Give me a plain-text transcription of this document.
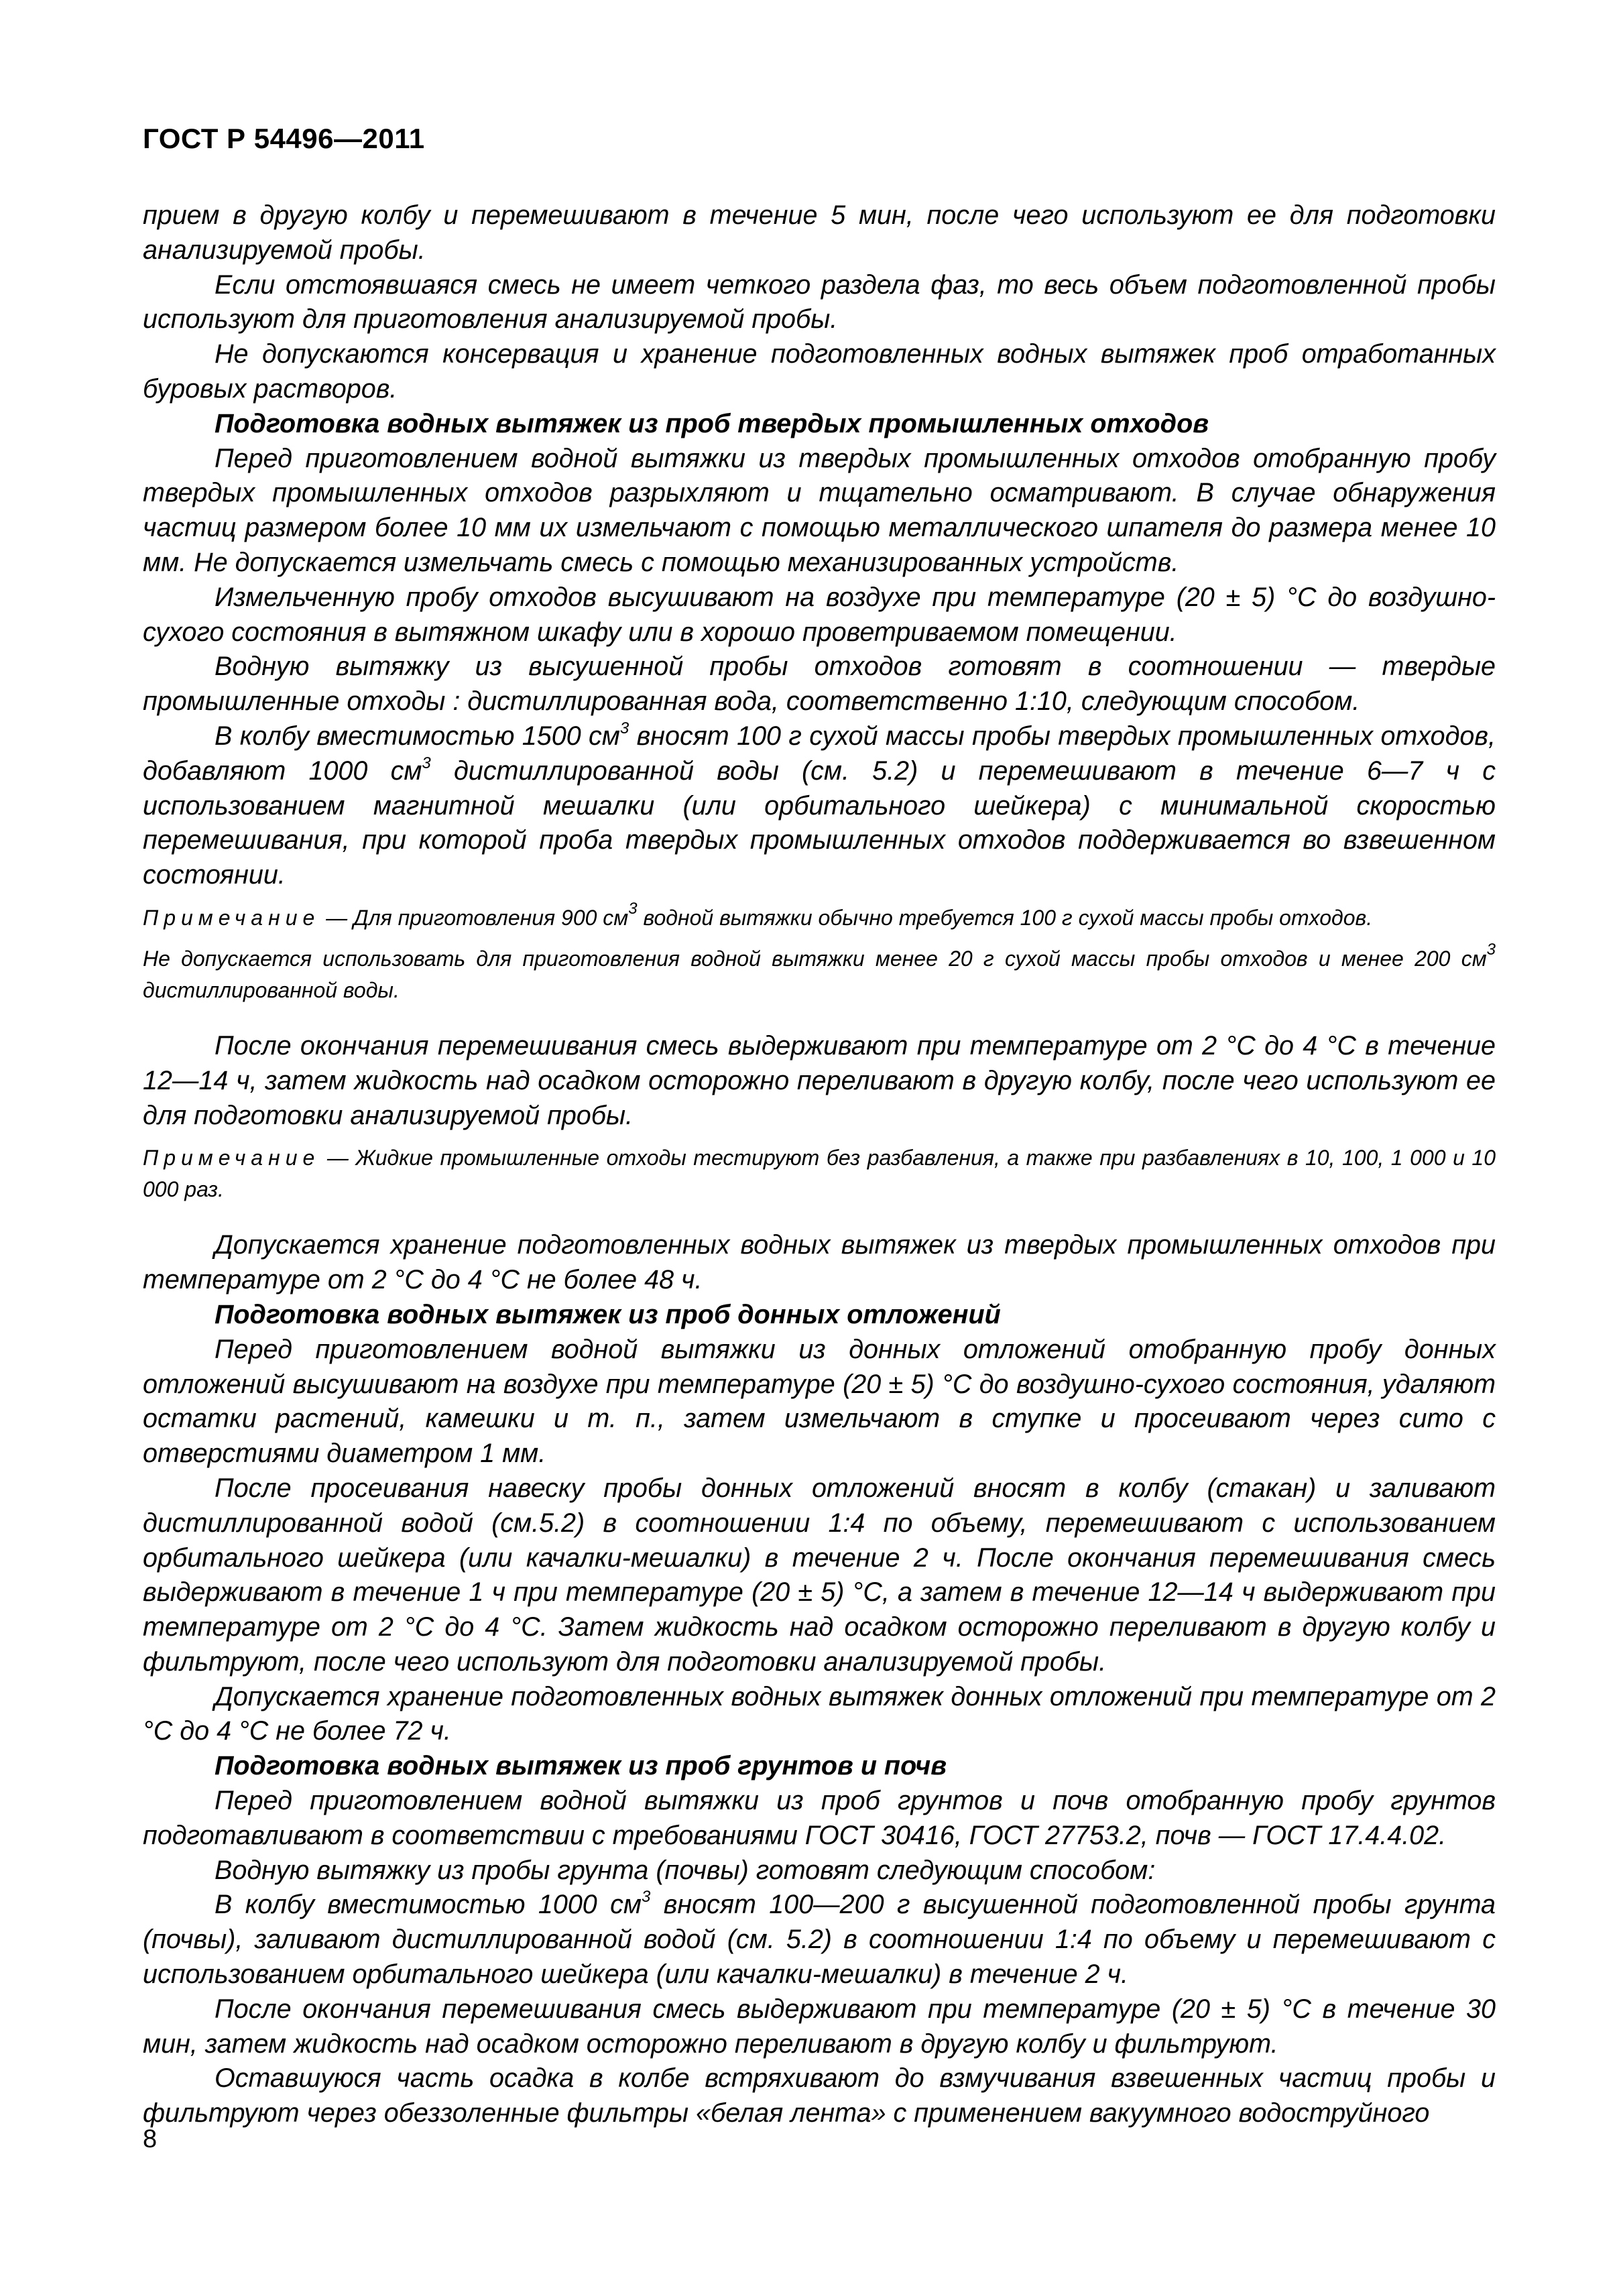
ГОСТ Р 54496—2011

прием в другую колбу и перемешивают в течение 5 мин, после чего используют ее для подготовки анализируемой пробы.

Если отстоявшаяся смесь не имеет четкого раздела фаз, то весь объем подготовленной пробы используют для приготовления анализируемой пробы.

Не допускаются консервация и хранение подготовленных водных вытяжек проб отработанных буровых растворов.

Подготовка водных вытяжек из проб твердых промышленных отходов

Перед приготовлением водной вытяжки из твердых промышленных отходов отобранную пробу твердых промышленных отходов разрыхляют и тщательно осматривают. В случае обнаружения частиц размером более 10 мм их измельчают с помощью металлического шпателя до размера менее 10 мм. Не допускается измельчать смесь с помощью механизированных устройств.

Измельченную пробу отходов высушивают на воздухе при температуре (20 ± 5) °С до воздушно-сухого состояния в вытяжном шкафу или в хорошо проветриваемом помещении.

Водную вытяжку из высушенной пробы отходов готовят в соотношении — твердые промышленные отходы : дистиллированная вода, соответственно 1:10, следующим способом.

В колбу вместимостью 1500 $см^3$ вносят 100 г сухой массы пробы твердых промышленных отходов, добавляют 1000 $см^3$ дистиллированной воды (см. 5.2) и перемешивают в течение 6—7 ч с использованием магнитной мешалки (или орбитального шейкера) с минимальной скоростью перемешивания, при которой проба твердых промышленных отходов поддерживается во взвешенном состоянии.

Примечание — Для приготовления 900 $см^3$ водной вытяжки обычно требуется 100 г сухой массы пробы отходов.

Не допускается использовать для приготовления водной вытяжки менее 20 г сухой массы пробы отходов и менее 200 $см^3$ дистиллированной воды.

После окончания перемешивания смесь выдерживают при температуре от 2 °С до 4 °С в течение 12—14 ч, затем жидкость над осадком осторожно переливают в другую колбу, после чего используют ее для подготовки анализируемой пробы.

Примечание — Жидкие промышленные отходы тестируют без разбавления, а также при разбавлениях в 10, 100, 1 000 и 10 000 раз.

Допускается хранение подготовленных водных вытяжек из твердых промышленных отходов при температуре от 2 °С до 4 °С не более 48 ч.

Подготовка водных вытяжек из проб донных отложений

Перед приготовлением водной вытяжки из донных отложений отобранную пробу донных отложений высушивают на воздухе при температуре (20 ± 5) °С до воздушно-сухого состояния, удаляют остатки растений, камешки и т. п., затем измельчают в ступке и просеивают через сито с отверстиями диаметром 1 мм.

После просеивания навеску пробы донных отложений вносят в колбу (стакан) и заливают дистиллированной водой (см.5.2) в соотношении 1:4 по объему, перемешивают с использованием орбитального шейкера (или качалки-мешалки) в течение 2 ч. После окончания перемешивания смесь выдерживают в течение 1 ч при температуре (20 ± 5) °С, а затем в течение 12—14 ч выдерживают при температуре от 2 °С до 4 °С. Затем жидкость над осадком осторожно переливают в другую колбу и фильтруют, после чего используют для подготовки анализируемой пробы.

Допускается хранение подготовленных водных вытяжек донных отложений при температуре от 2 °С до 4 °С не более 72 ч.

Подготовка водных вытяжек из проб грунтов и почв

Перед приготовлением водной вытяжки из проб грунтов и почв отобранную пробу грунтов подготавливают в соответствии с требованиями ГОСТ 30416, ГОСТ 27753.2, почв — ГОСТ 17.4.4.02.

Водную вытяжку из пробы грунта (почвы) готовят следующим способом:

В колбу вместимостью 1000 $см^3$ вносят 100—200 г высушенной подготовленной пробы грунта (почвы), заливают дистиллированной водой (см. 5.2) в соотношении 1:4 по объему и перемешивают с использованием орбитального шейкера (или качалки-мешалки) в течение 2 ч.

После окончания перемешивания смесь выдерживают при температуре (20 ± 5) °С в течение 30 мин, затем жидкость над осадком осторожно переливают в другую колбу и фильтруют.

Оставшуюся часть осадка в колбе встряхивают до взмучивания взвешенных частиц пробы и фильтруют через обеззоленные фильтры «белая лента» с применением вакуумного водоструйного

8
